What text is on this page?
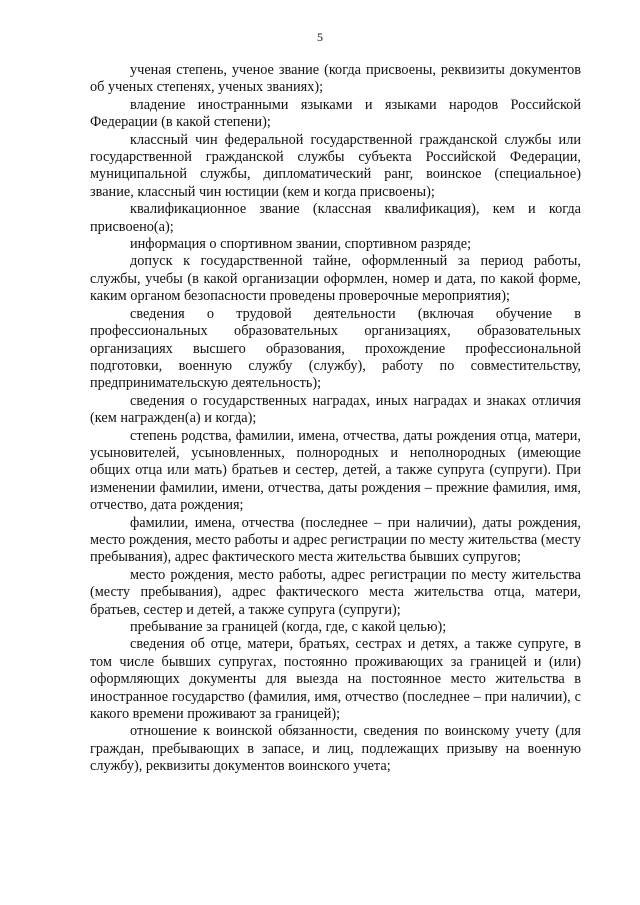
5

ученая степень, ученое звание (когда присвоены, реквизиты документов об ученых степенях, ученых званиях);

владение иностранными языками и языками народов Российской Федерации (в какой степени);

классный чин федеральной государственной гражданской службы или государственной гражданской службы субъекта Российской Федерации, муниципальной службы, дипломатический ранг, воинское (специальное) звание, классный чин юстиции (кем и когда присвоены);

квалификационное звание (классная квалификация), кем и когда присвоено(а);

информация о спортивном звании, спортивном разряде;

допуск к государственной тайне, оформленный за период работы, службы, учебы (в какой организации оформлен, номер и дата, по какой форме, каким органом безопасности проведены проверочные мероприятия);

сведения о трудовой деятельности (включая обучение в профессиональных образовательных организациях, образовательных организациях высшего образования, прохождение профессиональной подготовки, военную службу (службу), работу по совместительству, предпринимательскую деятельность);

сведения о государственных наградах, иных наградах и знаках отличия (кем награжден(а) и когда);

степень родства, фамилии, имена, отчества, даты рождения отца, матери, усыновителей, усыновленных, полнородных и неполнородных (имеющие общих отца или мать) братьев и сестер, детей, а также супруга (супруги). При изменении фамилии, имени, отчества, даты рождения – прежние фамилия, имя, отчество, дата рождения;

фамилии, имена, отчества (последнее – при наличии), даты рождения, место рождения, место работы и адрес регистрации по месту жительства (месту пребывания), адрес фактического места жительства бывших супругов;

место рождения, место работы, адрес регистрации по месту жительства (месту пребывания), адрес фактического места жительства отца, матери, братьев, сестер и детей, а также супруга (супруги);

пребывание за границей (когда, где, с какой целью);

сведения об отце, матери, братьях, сестрах и детях, а также супруге, в том числе бывших супругах, постоянно проживающих за границей и (или) оформляющих документы для выезда на постоянное место жительства в иностранное государство (фамилия, имя, отчество (последнее – при наличии), с какого времени проживают за границей);

отношение к воинской обязанности, сведения по воинскому учету (для граждан, пребывающих в запасе, и лиц, подлежащих призыву на военную службу), реквизиты документов воинского учета;
